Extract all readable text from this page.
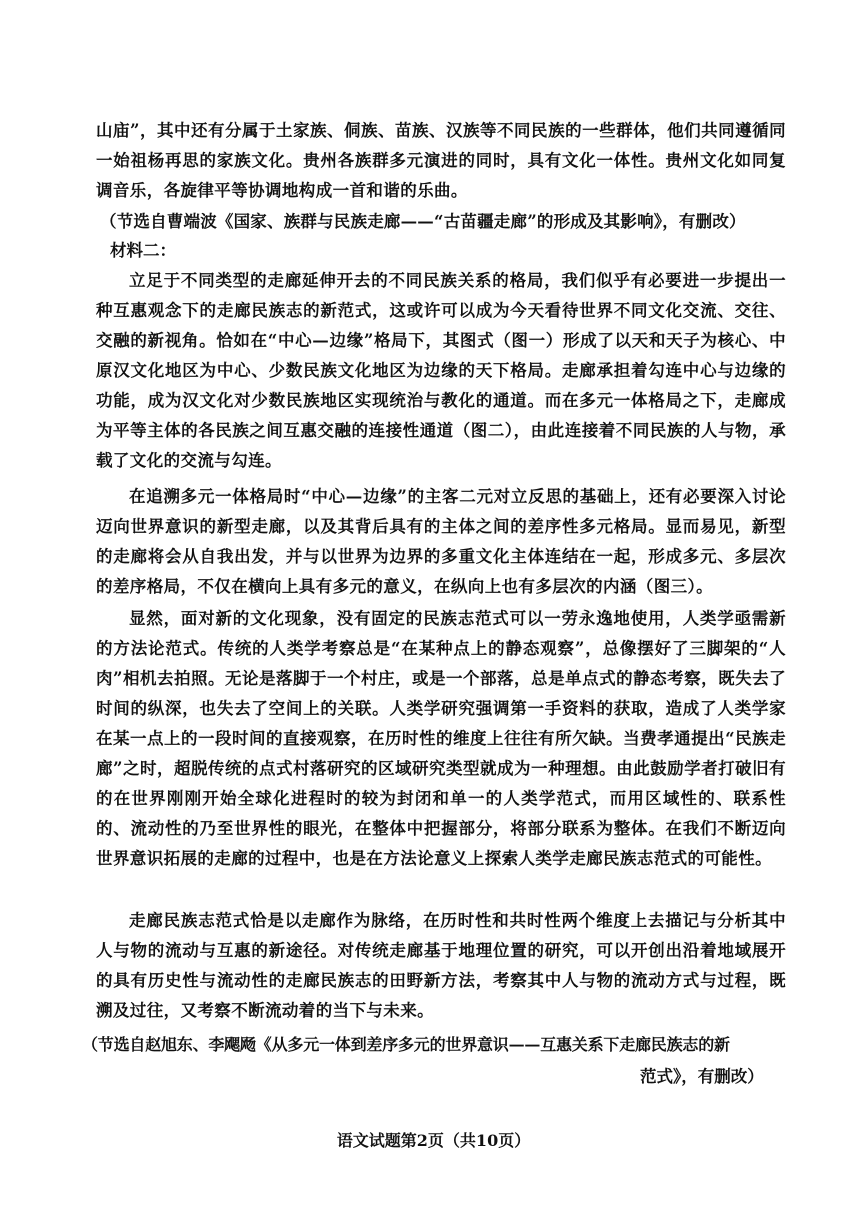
山庙”，其中还有分属于土家族、侗族、苗族、汉族等不同民族的一些群体，他们共同遵循同一始祖杨再思的家族文化。贵州各族群多元演进的同时，具有文化一体性。贵州文化如同复调音乐，各旋律平等协调地构成一首和谐的乐曲。
（节选自曹端波《国家、族群与民族走廊——“古苗疆走廊”的形成及其影响》，有删改）
材料二：
立足于不同类型的走廊延伸开去的不同民族关系的格局，我们似乎有必要进一步提出一种互惠观念下的走廊民族志的新范式，这或许可以成为今天看待世界不同文化交流、交往、交融的新视角。恰如在“中心—边缘”格局下，其图式（图一）形成了以天和天子为核心、中原汉文化地区为中心、少数民族文化地区为边缘的天下格局。走廊承担着勾连中心与边缘的功能，成为汉文化对少数民族地区实现统治与教化的通道。而在多元一体格局之下，走廊成为平等主体的各民族之间互惠交融的连接性通道（图二），由此连接着不同民族的人与物，承载了文化的交流与勾连。
在追溯多元一体格局时“中心—边缘”的主客二元对立反思的基础上，还有必要深入讨论迈向世界意识的新型走廊，以及其背后具有的主体之间的差序性多元格局。显而易见，新型的走廊将会从自我出发，并与以世界为边界的多重文化主体连结在一起，形成多元、多层次的差序格局，不仅在横向上具有多元的意义，在纵向上也有多层次的内涵（图三）。
显然，面对新的文化现象，没有固定的民族志范式可以一劳永逸地使用，人类学亟需新的方法论范式。传统的人类学考察总是“在某种点上的静态观察”，总像摆好了三脚架的“人肉”相机去拍照。无论是落脚于一个村庄，或是一个部落，总是单点式的静态考察，既失去了时间的纵深，也失去了空间上的关联。人类学研究强调第一手资料的获取，造成了人类学家在某一点上的一段时间的直接观察，在历时性的维度上往往有所欠缺。当费孝通提出“民族走廊”之时，超脱传统的点式村落研究的区域研究类型就成为一种理想。由此鼓励学者打破旧有的在世界刚刚开始全球化进程时的较为封闭和单一的人类学范式，而用区域性的、联系性的、流动性的乃至世界性的眼光，在整体中把握部分，将部分联系为整体。在我们不断迈向世界意识拓展的走廊的过程中，也是在方法论意义上探索人类学走廊民族志范式的可能性。
走廊民族志范式恰是以走廊作为脉络，在历时性和共时性两个维度上去描记与分析其中人与物的流动与互惠的新途径。对传统走廊基于地理位置的研究，可以开创出沿着地域展开的具有历史性与流动性的走廊民族志的田野新方法，考察其中人与物的流动方式与过程，既溯及过往，又考察不断流动着的当下与未来。
（节选自赵旭东、李飔飏《从多元一体到差序多元的世界意识——互惠关系下走廊民族志的新
范式》，有删改）
语文试题第2页（共10页）
